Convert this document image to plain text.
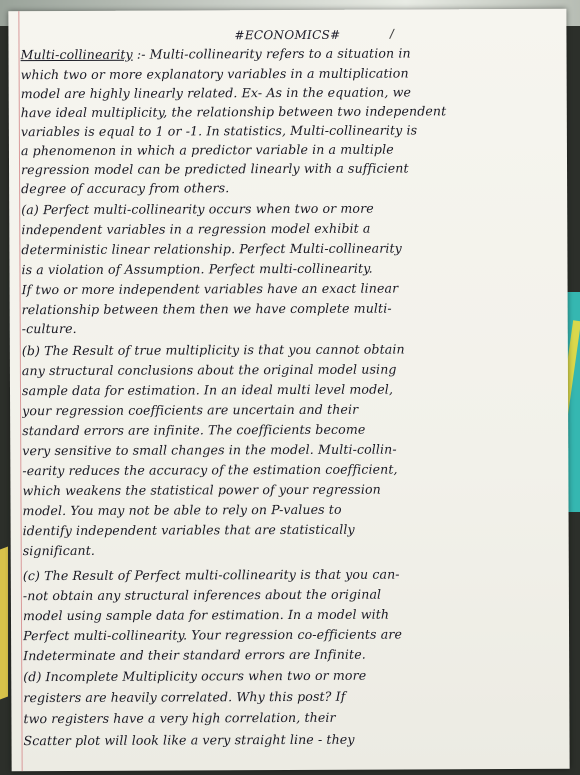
/
#ECONOMICS#
Multi-collinearity :- Multi-collinearity refers to a situation in
which two or more explanatory variables in a multiplication
model are highly linearly related. Ex- As in the equation, we
have ideal multiplicity, the relationship between two independent
variables is equal to 1 or -1. In statistics, Multi-collinearity is
a phenomenon in which a predictor variable in a multiple
regression model can be predicted linearly with a sufficient
degree of accuracy from others.
(a) Perfect multi-collinearity occurs when two or more
independent variables in a regression model exhibit a
deterministic linear relationship. Perfect Multi-collinearity
is a violation of Assumption. Perfect multi-collinearity.
If two or more independent variables have an exact linear
relationship between them then we have complete multi-
-culture.
(b) The Result of true multiplicity is that you cannot obtain
any structural conclusions about the original model using
sample data for estimation. In an ideal multi level model,
your regression coefficients are uncertain and their
standard errors are infinite. The coefficients become
very sensitive to small changes in the model. Multi-collin-
-earity reduces the accuracy of the estimation coefficient,
which weakens the statistical power of your regression
model. You may not be able to rely on P-values to
identify independent variables that are statistically
significant.
(c) The Result of Perfect multi-collinearity is that you can-
-not obtain any structural inferences about the original
model using sample data for estimation. In a model with
Perfect multi-collinearity. Your regression co-efficients are
Indeterminate and their standard errors are Infinite.
(d) Incomplete Multiplicity occurs when two or more
registers are heavily correlated. Why this post? If
two registers have a very high correlation, their
Scatter plot will look like a very straight line - they
